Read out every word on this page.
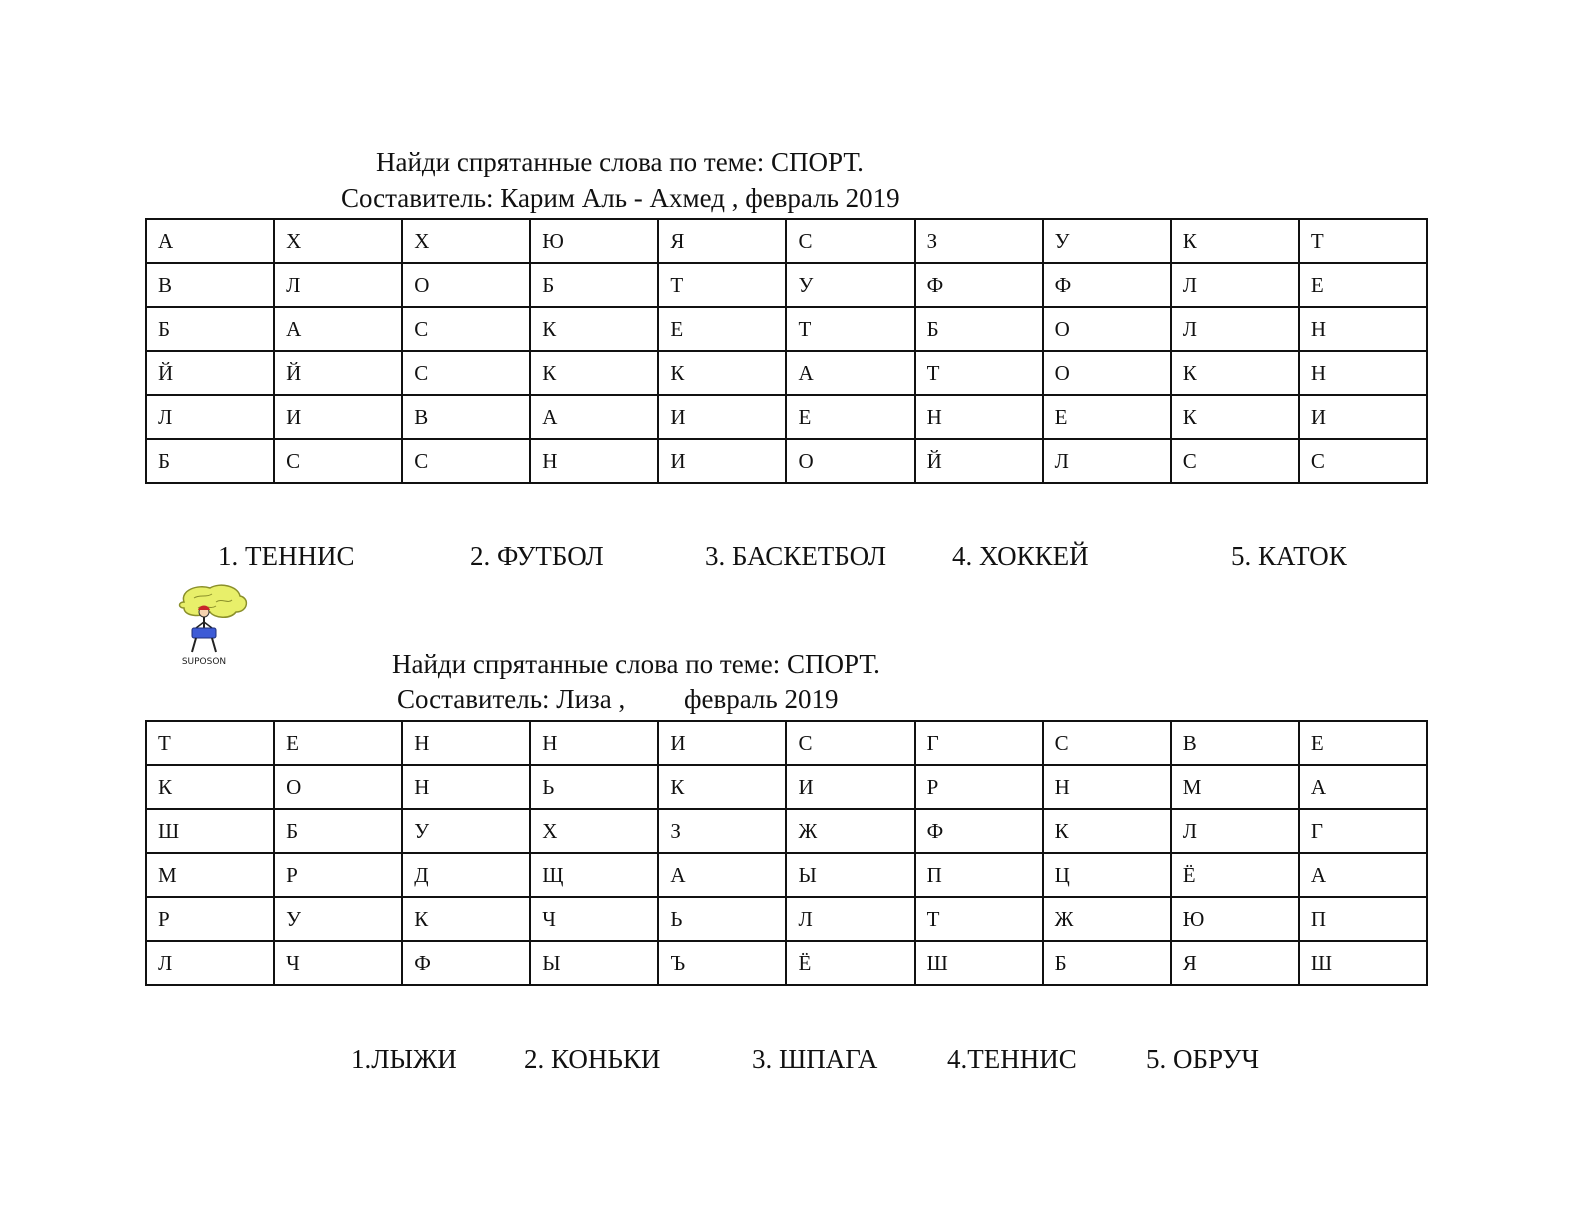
Найди спрятанные слова по теме: СПОРТ.
Составитель: Карим Аль - Ахмед , февраль 2019
А	Х	Х	Ю	Я	С	З	У	К	Т
В	Л	О	Б	Т	У	Ф	Ф	Л	Е
Б	А	С	К	Е	Т	Б	О	Л	Н
Й	Й	С	К	К	А	Т	О	К	Н
Л	И	В	А	И	Е	Н	Е	К	И
Б	С	С	Н	И	О	Й	Л	С	С
1. ТЕННИС	2. ФУТБОЛ	3. БАСКЕТБОЛ 4. ХОККЕЙ	5. КАТОК
SUPOSON	Найди спрятанные слова по теме: СПОРТ.
Составитель: Лиза , февраль 2019
Т	Е	Н	Н	И	С	Г	С	В	Е
К	О	Н	Ь	К	И	Р	Н	М	А
Ш	Б	У	Х	З	Ж	Ф	К	Л	Г
М	Р	Д	Щ	А	Ы	П	Ц	Ё	А
Р	У	К	Ч	Ь	Л	Т	Ж	Ю	П
Л	Ч	Ф	Ы	Ъ	Ё	Ш	Б	Я	Ш
1.ЛЫЖИ 2. КОНЬКИ	3. ШПАГА	4.ТЕННИС	5. ОБРУЧ
